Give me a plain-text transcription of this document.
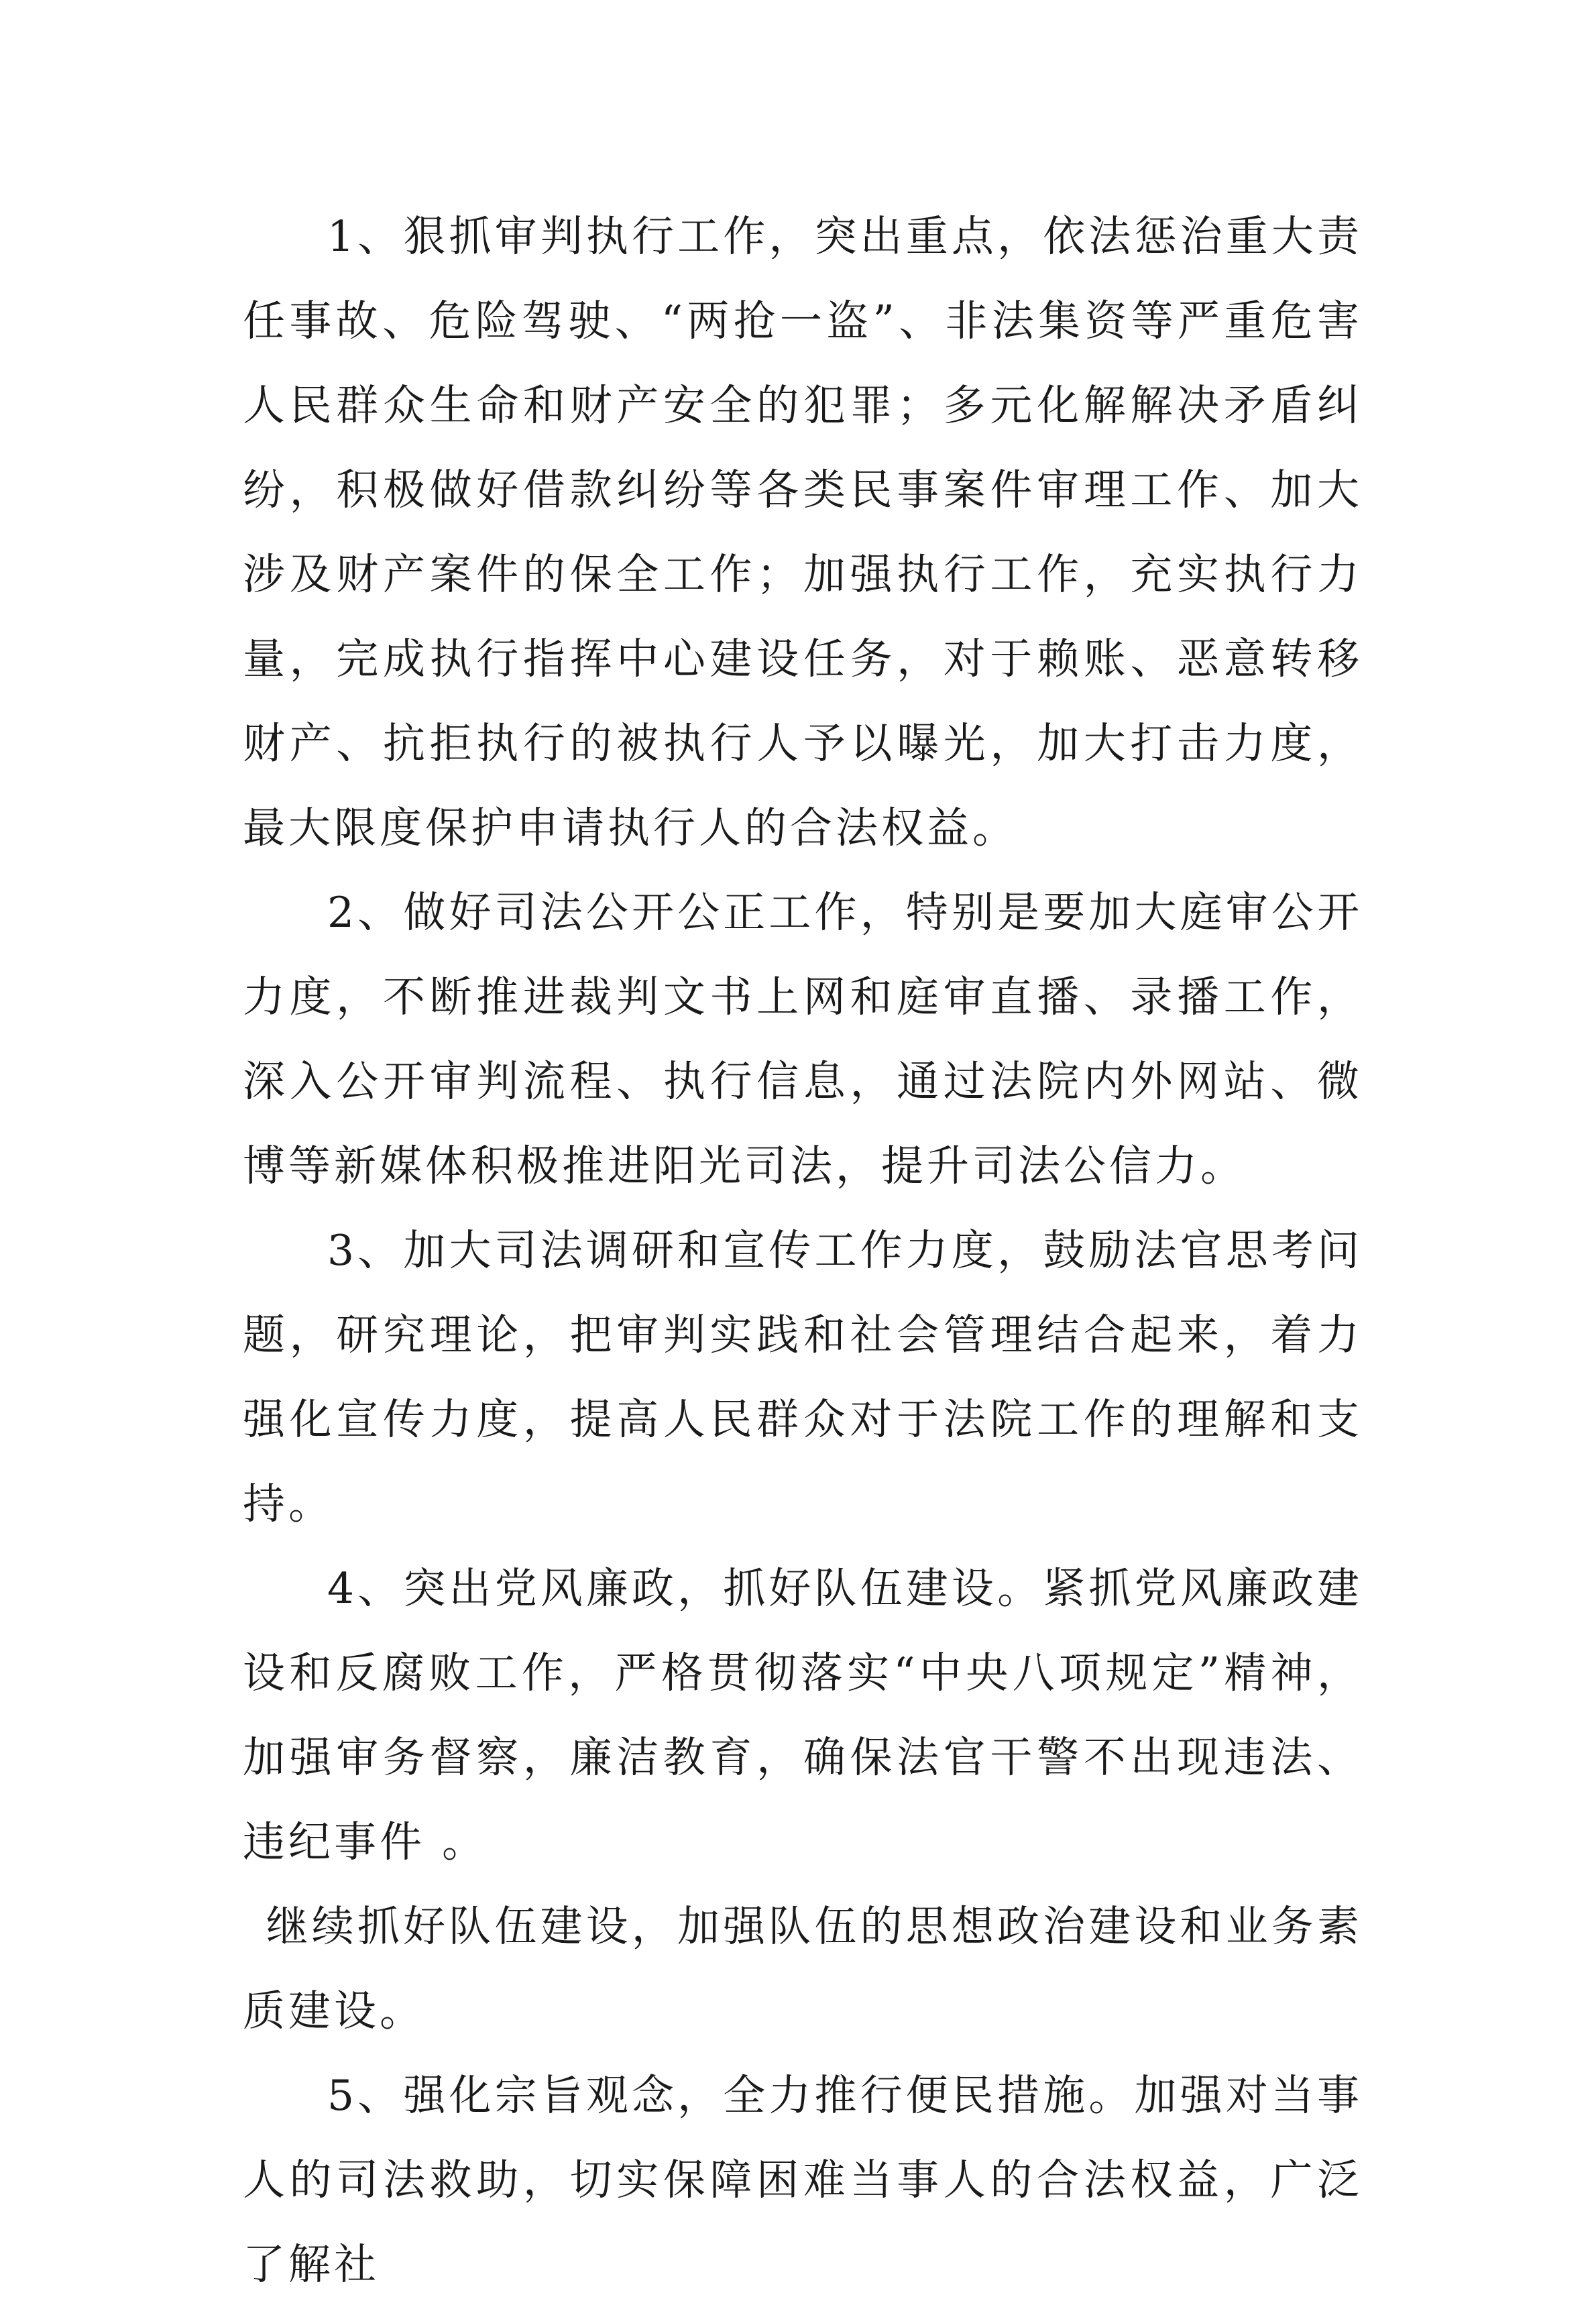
1、狠抓审判执行工作，突出重点，依法惩治重大责任事故、危险驾驶、“两抢一盗”、非法集资等严重危害人民群众生命和财产安全的犯罪；多元化解解决矛盾纠纷，积极做好借款纠纷等各类民事案件审理工作、加大涉及财产案件的保全工作；加强执行工作，充实执行力量，完成执行指挥中心建设任务，对于赖账、恶意转移财产、抗拒执行的被执行人予以曝光，加大打击力度，最大限度保护申请执行人的合法权益。

2、做好司法公开公正工作，特别是要加大庭审公开力度，不断推进裁判文书上网和庭审直播、录播工作，深入公开审判流程、执行信息，通过法院内外网站、微博等新媒体积极推进阳光司法，提升司法公信力。

3、加大司法调研和宣传工作力度，鼓励法官思考问题，研究理论，把审判实践和社会管理结合起来，着力强化宣传力度，提高人民群众对于法院工作的理解和支持。

4、突出党风廉政，抓好队伍建设。紧抓党风廉政建设和反腐败工作，严格贯彻落实“中央八项规定”精神，加强审务督察，廉洁教育，确保法官干警不出现违法、违纪事件 。

继续抓好队伍建设，加强队伍的思想政治建设和业务素质建设。

5、强化宗旨观念，全力推行便民措施。加强对当事人的司法救助，切实保障困难当事人的合法权益，广泛了解社
